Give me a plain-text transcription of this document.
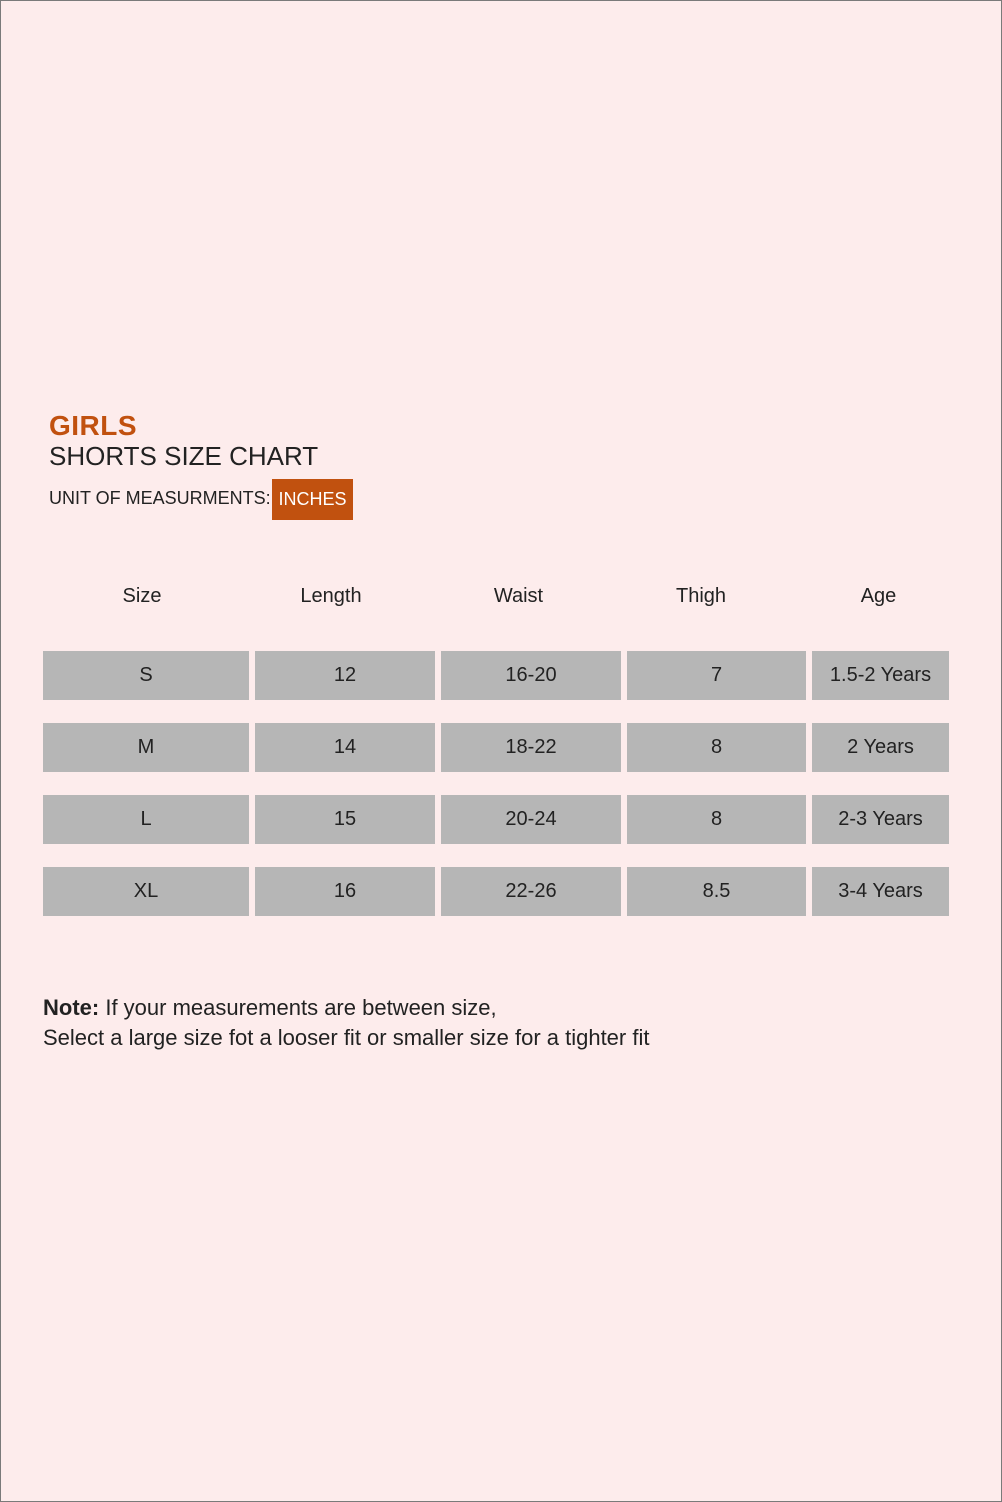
GIRLS
SHORTS SIZE CHART
UNIT OF MEASURMENTS: INCHES
Size	Length	Waist	Thigh	Age
S	12	16-20	7	1.5-2 Years
M	14	18-22	8	2 Years
L	15	20-24	8	2-3 Years
XL	16	22-26	8.5	3-4 Years
Note: If your measurements are between size,
Select a large size fot a looser fit or smaller size for a tighter fit
